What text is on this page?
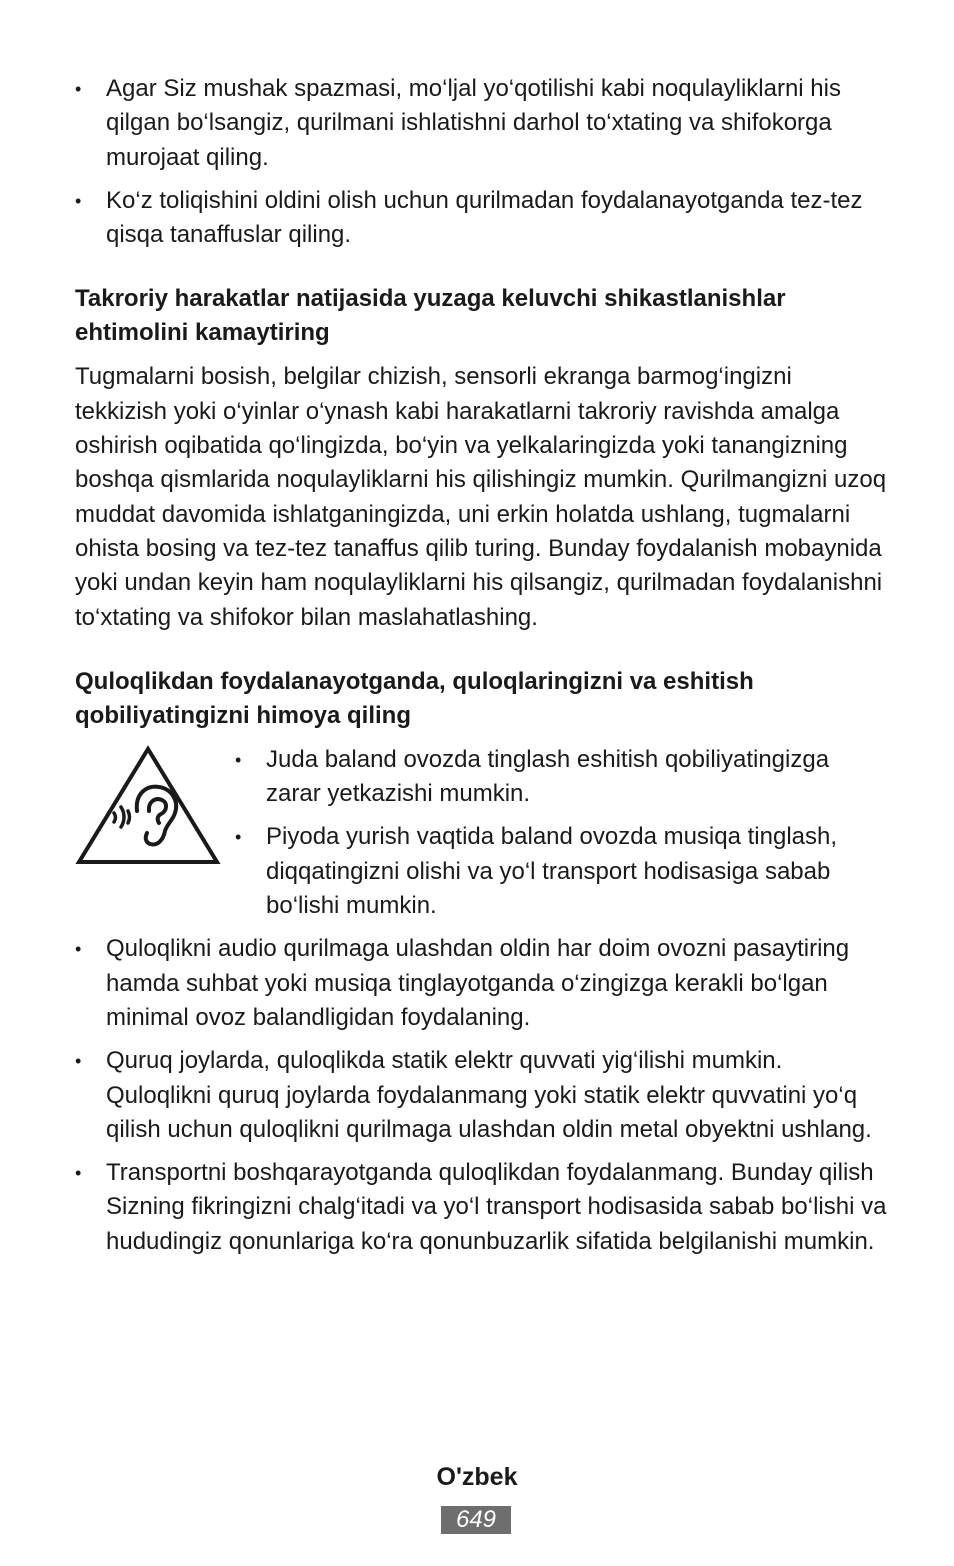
• Agar Siz mushak spazmasi, mo‘ljal yo‘qotilishi kabi noqulayliklarni his qilgan bo‘lsangiz, qurilmani ishlatishni darhol to‘xtating va shifokorga murojaat qiling.
• Ko‘z toliqishini oldini olish uchun qurilmadan foydalanayotganda tez-tez qisqa tanaffuslar qiling.
Takroriy harakatlar natijasida yuzaga keluvchi shikastlanishlar ehtimolini kamaytiring

Tugmalarni bosish, belgilar chizish, sensorli ekranga barmog‘ingizni tekkizish yoki o‘yinlar o‘ynash kabi harakatlarni takroriy ravishda amalga oshirish oqibatida qo‘lingizda, bo‘yin va yelkalaringizda yoki tanangizning boshqa qismlarida noqulayliklarni his qilishingiz mumkin. Qurilmangizni uzoq muddat davomida ishlatganingizda, uni erkin holatda ushlang, tugmalarni ohista bosing va tez-tez tanaffus qilib turing. Bunday foydalanish mobaynida yoki undan keyin ham noqulayliklarni his qilsangiz, qurilmadan foydalanishni to‘xtating va shifokor bilan maslahatlashing.

Quloqlikdan foydalanayotganda, quloqlaringizni va eshitish qobiliyatingizni himoya qiling
• Juda baland ovozda tinglash eshitish qobiliyatingizga zarar yetkazishi mumkin.
• Piyoda yurish vaqtida baland ovozda musiqa tinglash, diqqatingizni olishi va yo‘l transport hodisasiga sabab bo‘lishi mumkin.
• Quloqlikni audio qurilmaga ulashdan oldin har doim ovozni pasaytiring hamda suhbat yoki musiqa tinglayotganda o‘zingizga kerakli bo‘lgan minimal ovoz balandligidan foydalaning.
• Quruq joylarda, quloqlikda statik elektr quvvati yig‘ilishi mumkin. Quloqlikni quruq joylarda foydalanmang yoki statik elektr quvvatini yo‘q qilish uchun quloqlikni qurilmaga ulashdan oldin metal obyektni ushlang.
• Transportni boshqarayotganda quloqlikdan foydalanmang. Bunday qilish Sizning fikringizni chalg‘itadi va yo‘l transport hodisasida sabab bo‘lishi va hududingiz qonunlariga ko‘ra qonunbuzarlik sifatida belgilanishi mumkin.
O'zbek
649
